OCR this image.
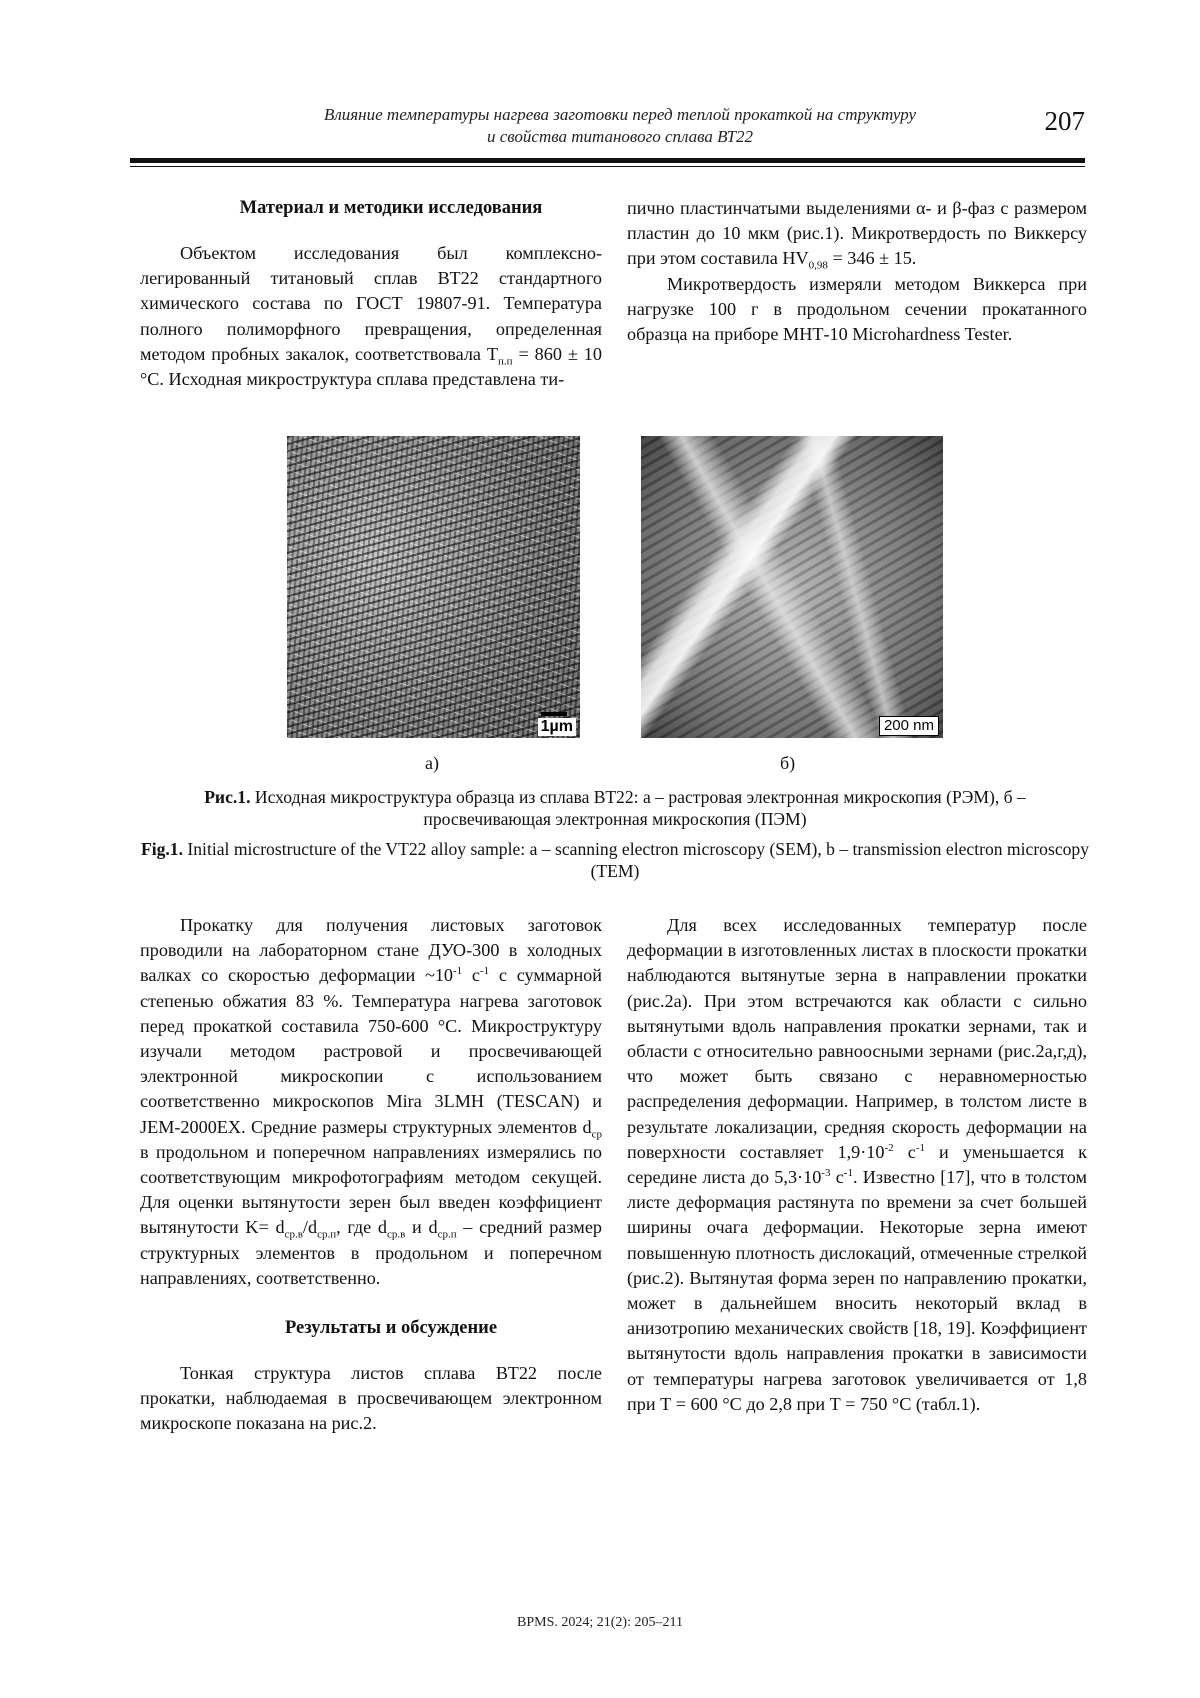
Влияние температуры нагрева заготовки перед теплой прокаткой на структуру
и свойства титанового сплава ВТ22
207

Материал и методики исследования

Объектом исследования был комплекснолегированный титановый сплав ВТ22 стандартного химического состава по ГОСТ 19807-91. Температура полного полиморфного превращения, определенная методом пробных закалок, соответствовала $Т_{п.п} = 860 \pm 10$ °С. Исходная микроструктура сплава представлена ти-

пично пластинчатыми выделениями α- и β-фаз с размером пластин до 10 мкм (рис.1). Микротвердость по Виккерсу при этом составила $HV_{0,98} = 346 \pm 15$.

Микротвердость измеряли методом Виккерса при нагрузке 100 г в продольном сечении прокатанного образца на приборе МНТ-10 Microhardness Tester.

1µm	200 nm
а)	б)
Рис.1. Исходная микроструктура образца из сплава ВТ22: а – растровая электронная микроскопия (РЭМ), б – просвечивающая электронная микроскопия (ПЭМ)
Fig.1. Initial microstructure of the VT22 alloy sample: a – scanning electron microscopy (SEM), b – transmission electron microscopy (TEM)

Прокатку для получения листовых заготовок проводили на лабораторном стане ДУО-300 в холодных валках со скоростью деформации $\sim 10^{-1}$ $с^{-1}$ с суммарной степенью обжатия 83 %. Температура нагрева заготовок перед прокаткой составила 750-600 °С. Микроструктуру изучали методом растровой и просвечивающей электронной микроскопии с использованием соответственно микроскопов Mira 3LMH (TESCAN) и JEM-2000EX. Средние размеры структурных элементов $d_{ср}$ в продольном и поперечном направлениях измерялись по соответствующим микрофотографиям методом секущей. Для оценки вытянутости зерен был введен коэффициент вытянутости $K= d_{ср.в}/d_{ср.п}$, где $d_{ср.в}$ и $d_{ср.п}$ – средний размер структурных элементов в продольном и поперечном направлениях, соответственно.

Результаты и обсуждение

Тонкая структура листов сплава ВТ22 после прокатки, наблюдаемая в просвечивающем электронном микроскопе показана на рис.2.

Для всех исследованных температур после деформации в изготовленных листах в плоскости прокатки наблюдаются вытянутые зерна в направлении прокатки (рис.2а). При этом встречаются как области с сильно вытянутыми вдоль направления прокатки зернами, так и области с относительно равноосными зернами (рис.2а,г,д), что может быть связано с неравномерностью распределения деформации. Например, в толстом листе в результате локализации, средняя скорость деформации на поверхности составляет $1,9\cdot 10^{-2}$ $с^{-1}$ и уменьшается к середине листа до $5,3\cdot 10^{-3}$ $с^{-1}$. Известно [17], что в толстом листе деформация растянута по времени за счет большей ширины очага деформации. Некоторые зерна имеют повышенную плотность дислокаций, отмеченные стрелкой (рис.2). Вытянутая форма зерен по направлению прокатки, может в дальнейшем вносить некоторый вклад в анизотропию механических свойств [18, 19]. Коэффициент вытянутости вдоль направления прокатки в зависимости от температуры нагрева заготовок увеличивается от 1,8 при Т = 600 °С до 2,8 при Т = 750 °С (табл.1).

BPMS. 2024; 21(2): 205–211
